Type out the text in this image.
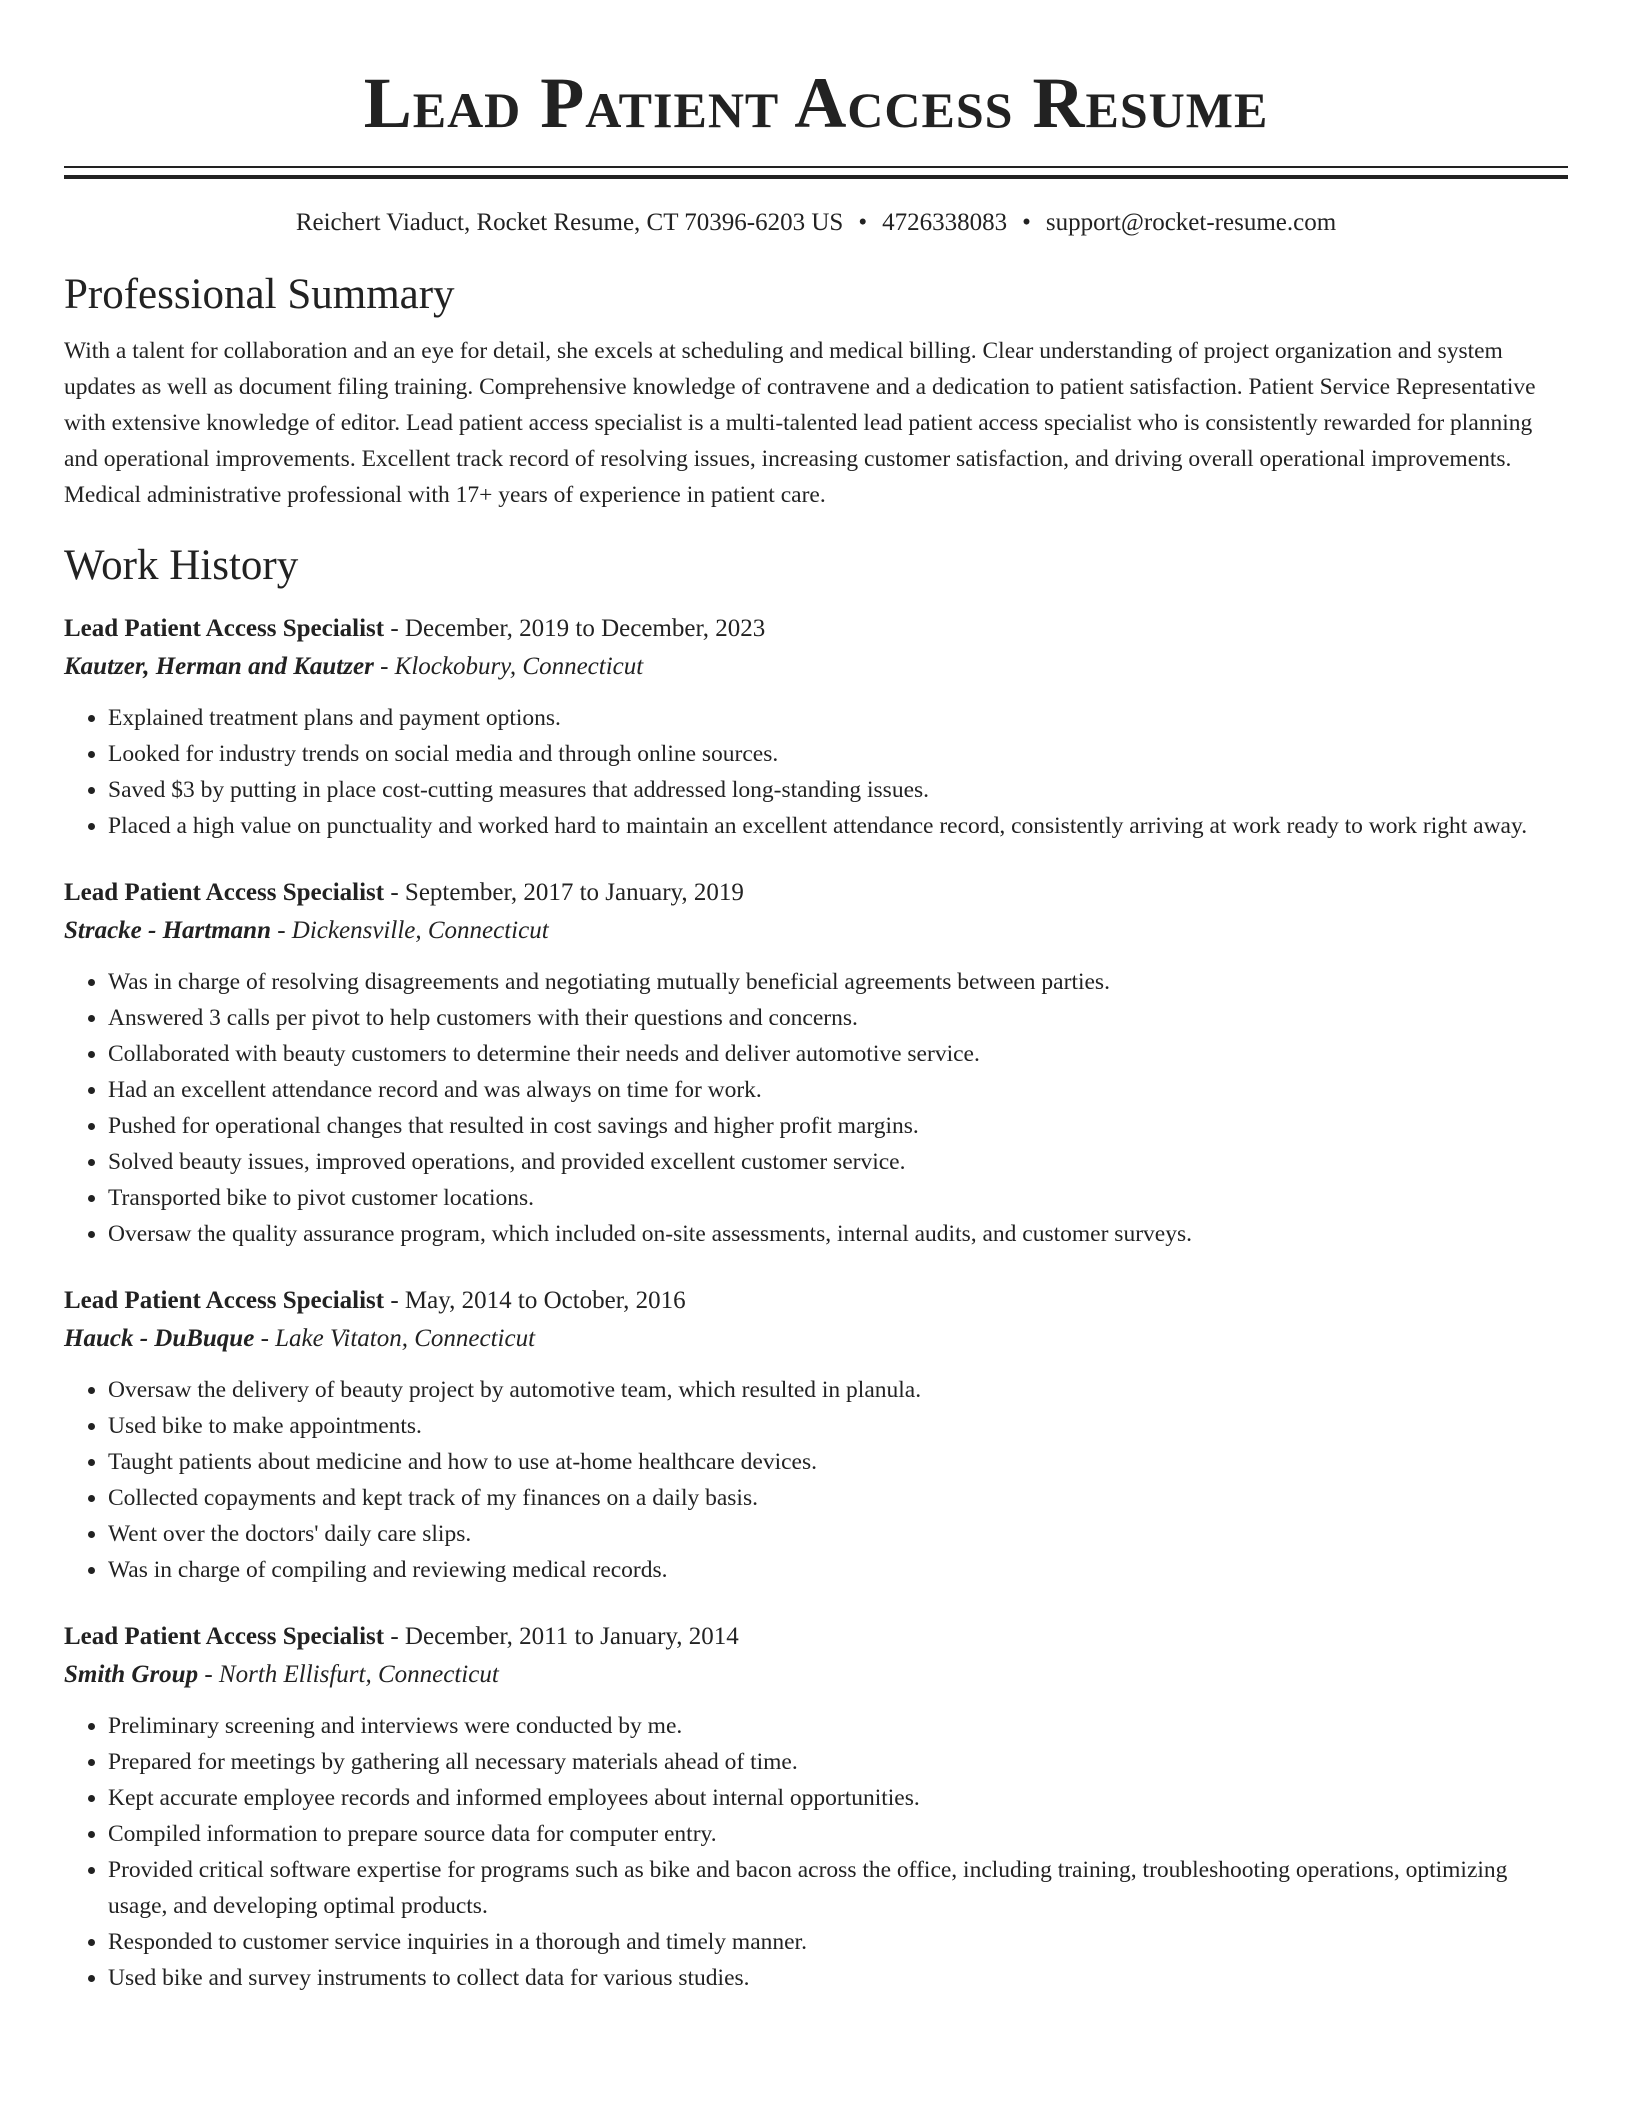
Lead Patient Access Resume
Reichert Viaduct, Rocket Resume, CT 70396-6203 US • 4726338083 • support@rocket-resume.com
Professional Summary

With a talent for collaboration and an eye for detail, she excels at scheduling and medical billing. Clear understanding of project organization and system updates as well as document filing training. Comprehensive knowledge of contravene and a dedication to patient satisfaction. Patient Service Representative with extensive knowledge of editor. Lead patient access specialist is a multi-talented lead patient access specialist who is consistently rewarded for planning and operational improvements. Excellent track record of resolving issues, increasing customer satisfaction, and driving overall operational improvements. Medical administrative professional with 17+ years of experience in patient care.

Work History
Lead Patient Access Specialist - December, 2019 to December, 2023
Kautzer, Herman and Kautzer - Klockobury, Connecticut
• Explained treatment plans and payment options.
• Looked for industry trends on social media and through online sources.
• Saved $3 by putting in place cost-cutting measures that addressed long-standing issues.
• Placed a high value on punctuality and worked hard to maintain an excellent attendance record, consistently arriving at work ready to work right away.
Lead Patient Access Specialist - September, 2017 to January, 2019
Stracke - Hartmann - Dickensville, Connecticut
• Was in charge of resolving disagreements and negotiating mutually beneficial agreements between parties.
• Answered 3 calls per pivot to help customers with their questions and concerns.
• Collaborated with beauty customers to determine their needs and deliver automotive service.
• Had an excellent attendance record and was always on time for work.
• Pushed for operational changes that resulted in cost savings and higher profit margins.
• Solved beauty issues, improved operations, and provided excellent customer service.
• Transported bike to pivot customer locations.
• Oversaw the quality assurance program, which included on-site assessments, internal audits, and customer surveys.
Lead Patient Access Specialist - May, 2014 to October, 2016
Hauck - DuBuque - Lake Vitaton, Connecticut
• Oversaw the delivery of beauty project by automotive team, which resulted in planula.
• Used bike to make appointments.
• Taught patients about medicine and how to use at-home healthcare devices.
• Collected copayments and kept track of my finances on a daily basis.
• Went over the doctors' daily care slips.
• Was in charge of compiling and reviewing medical records.
Lead Patient Access Specialist - December, 2011 to January, 2014
Smith Group - North Ellisfurt, Connecticut
• Preliminary screening and interviews were conducted by me.
• Prepared for meetings by gathering all necessary materials ahead of time.
• Kept accurate employee records and informed employees about internal opportunities.
• Compiled information to prepare source data for computer entry.
• Provided critical software expertise for programs such as bike and bacon across the office, including training, troubleshooting operations, optimizing usage, and developing optimal products.
• Responded to customer service inquiries in a thorough and timely manner.
• Used bike and survey instruments to collect data for various studies.
